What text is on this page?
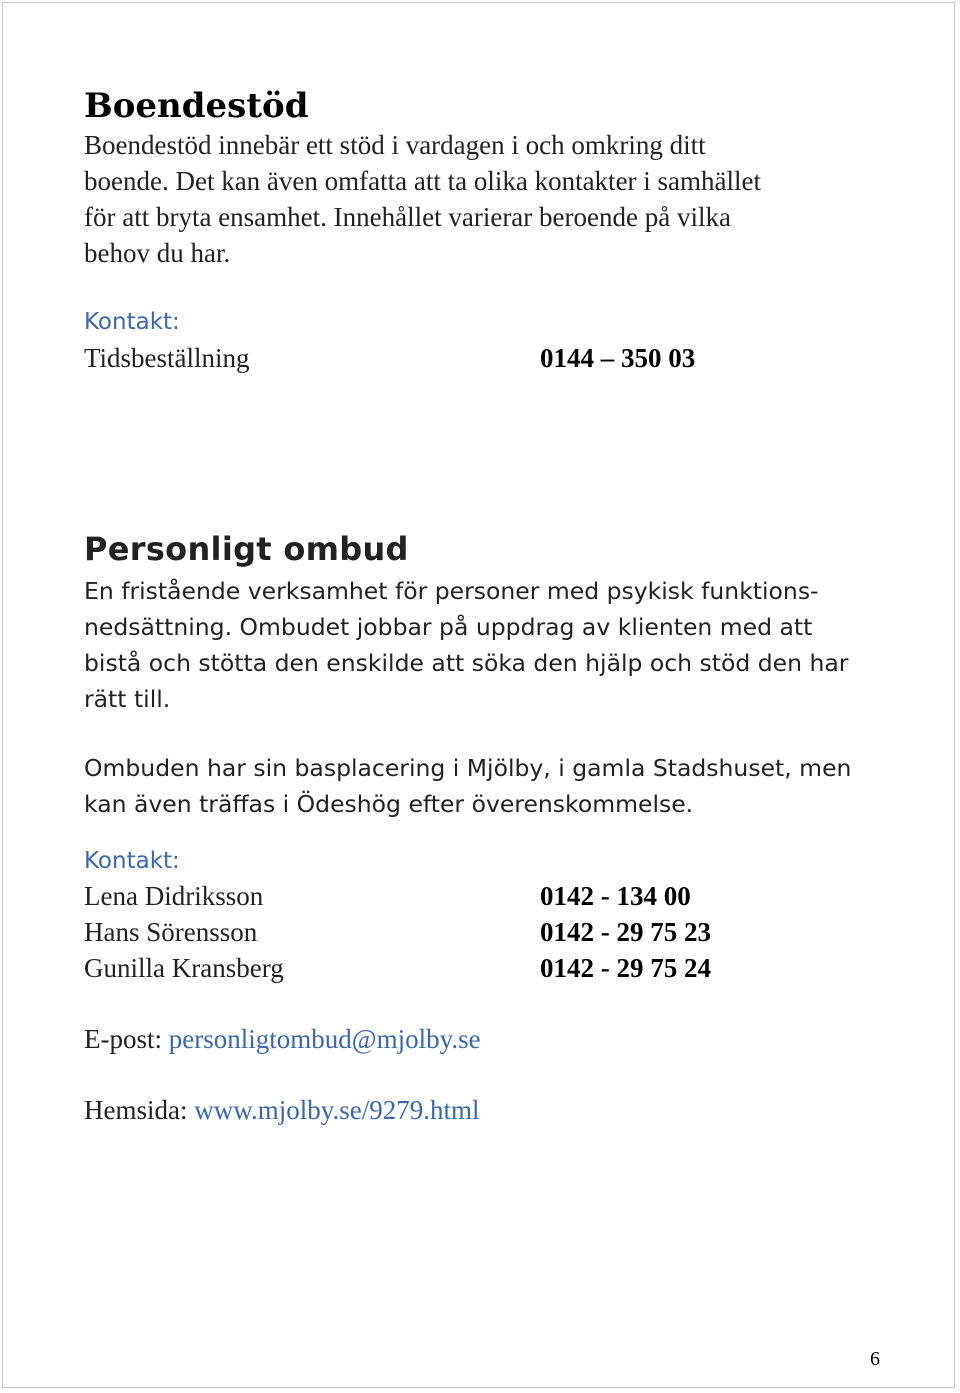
Boendestöd
Boendestöd innebär ett stöd i vardagen i och omkring ditt
boende. Det kan även omfatta att ta olika kontakter i samhället
för att bryta ensamhet. Innehållet varierar beroende på vilka
behov du har.
Kontakt:
Tidsbeställning	0144 – 350 03
Personligt ombud
En fristående verksamhet för personer med psykisk funktions-
nedsättning. Ombudet jobbar på uppdrag av klienten med att
bistå och stötta den enskilde att söka den hjälp och stöd den har
rätt till.
Ombuden har sin basplacering i Mjölby, i gamla Stadshuset, men
kan även träffas i Ödeshög efter överenskommelse.
Kontakt:
Lena Didriksson	0142 - 134 00
Hans Sörensson	0142 - 29 75 23
Gunilla Kransberg	0142 - 29 75 24
E-post: personligtombud@mjolby.se
Hemsida: www.mjolby.se/9279.html
6
